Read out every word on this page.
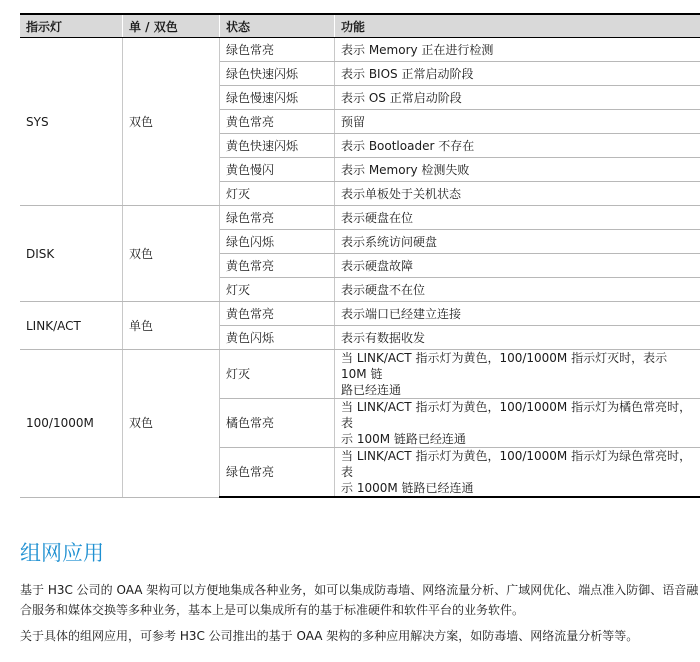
指示灯	单 / 双色	状态	功能
SYS	双色	绿色常亮	表示 Memory 正在进行检测
		绿色快速闪烁	表示 BIOS 正常启动阶段
		绿色慢速闪烁	表示 OS 正常启动阶段
		黄色常亮	预留
		黄色快速闪烁	表示 Bootloader 不存在
		黄色慢闪	表示 Memory 检测失败
		灯灭	表示单板处于关机状态
DISK	双色	绿色常亮	表示硬盘在位
		绿色闪烁	表示系统访问硬盘
		黄色常亮	表示硬盘故障
		灯灭	表示硬盘不在位
LINK/ACT	单色	黄色常亮	表示端口已经建立连接
		黄色闪烁	表示有数据收发
100/1000M	双色	灯灭	当 LINK/ACT 指示灯为黄色，100/1000M 指示灯灭时，表示 10M 链
路已经连通

		橘色常亮	当 LINK/ACT 指示灯为黄色，100/1000M 指示灯为橘色常亮时，表
示 100M 链路已经连通

		绿色常亮	当 LINK/ACT 指示灯为黄色，100/1000M 指示灯为绿色常亮时，表
示 1000M 链路已经连通
组网应用

基于 H3C 公司的 OAA 架构可以方便地集成各种业务，如可以集成防毒墙、网络流量分析、广域网优化、端点准入防御、语音融

合服务和媒体交换等多种业务，基本上是可以集成所有的基于标准硬件和软件平台的业务软件。

关于具体的组网应用，可参考 H3C 公司推出的基于 OAA 架构的多种应用解决方案，如防毒墙、网络流量分析等等。
